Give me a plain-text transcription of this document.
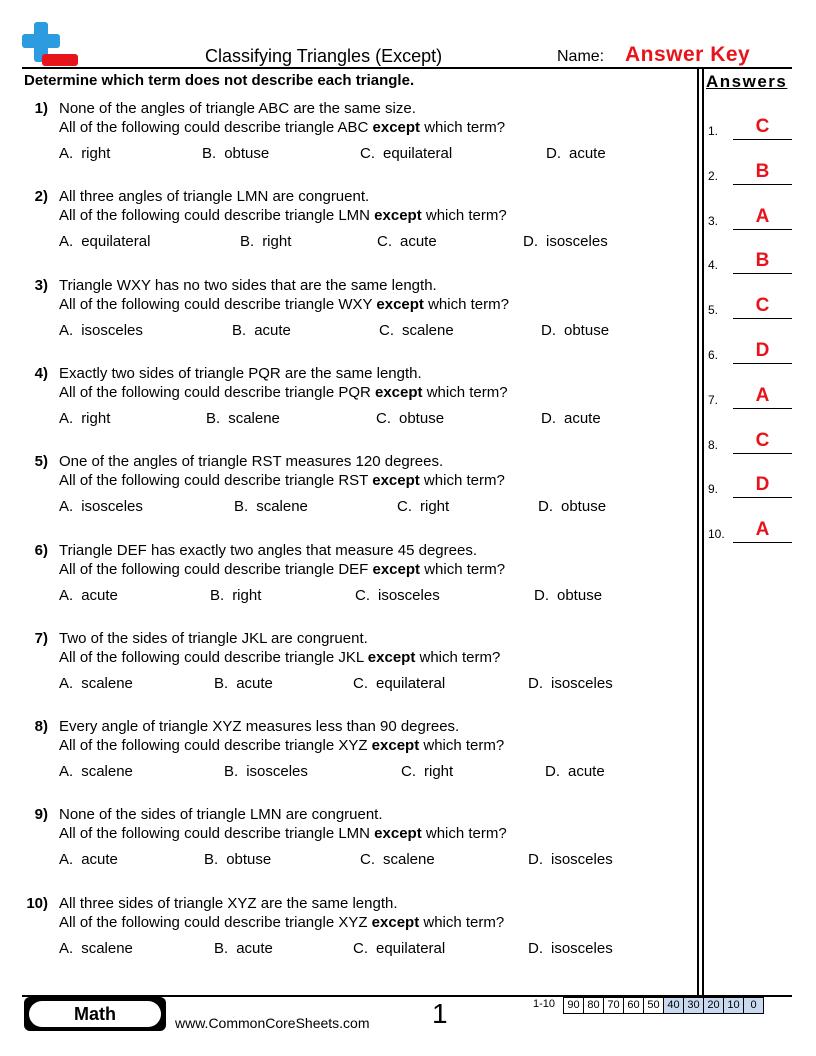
Classifying Triangles (Except)	Name: Answer Key
Determine which term does not describe each triangle.	Answers
1) None of the angles of triangle ABC are the same size.
All of the following could describe triangle ABC except which term?
A. right	B. obtuse	C. equilateral	D. acute
2) All three angles of triangle LMN are congruent.
All of the following could describe triangle LMN except which term?
A. equilateral	B. right	C. acute	D. isosceles
3) Triangle WXY has no two sides that are the same length.
All of the following could describe triangle WXY except which term?
A. isosceles	B. acute	C. scalene	D. obtuse
4) Exactly two sides of triangle PQR are the same length.
All of the following could describe triangle PQR except which term?
A. right	B. scalene	C. obtuse	D. acute
5) One of the angles of triangle RST measures 120 degrees.
All of the following could describe triangle RST except which term?
A. isosceles	B. scalene	C. right	D. obtuse
6) Triangle DEF has exactly two angles that measure 45 degrees.
All of the following could describe triangle DEF except which term?
A. acute	B. right	C. isosceles	D. obtuse
7) Two of the sides of triangle JKL are congruent.
All of the following could describe triangle JKL except which term?
A. scalene	B. acute	C. equilateral	D. isosceles
8) Every angle of triangle XYZ measures less than 90 degrees.
All of the following could describe triangle XYZ except which term?
A. scalene	B. isosceles	C. right	D. acute
9) None of the sides of triangle LMN are congruent.
All of the following could describe triangle LMN except which term?
A. acute	B. obtuse	C. scalene	D. isosceles
10) All three sides of triangle XYZ are the same length.
All of the following could describe triangle XYZ except which term?
A. scalene	B. acute	C. equilateral	D. isosceles
1.	C
2.	B
3.	A
4.	B
5.	C
6.	D
7.	A
8.	C
9.	D
10.	A
Math	www.CommonCoreSheets.com 1	1-10	90 80 70 60 50 40 30 20 10 0
